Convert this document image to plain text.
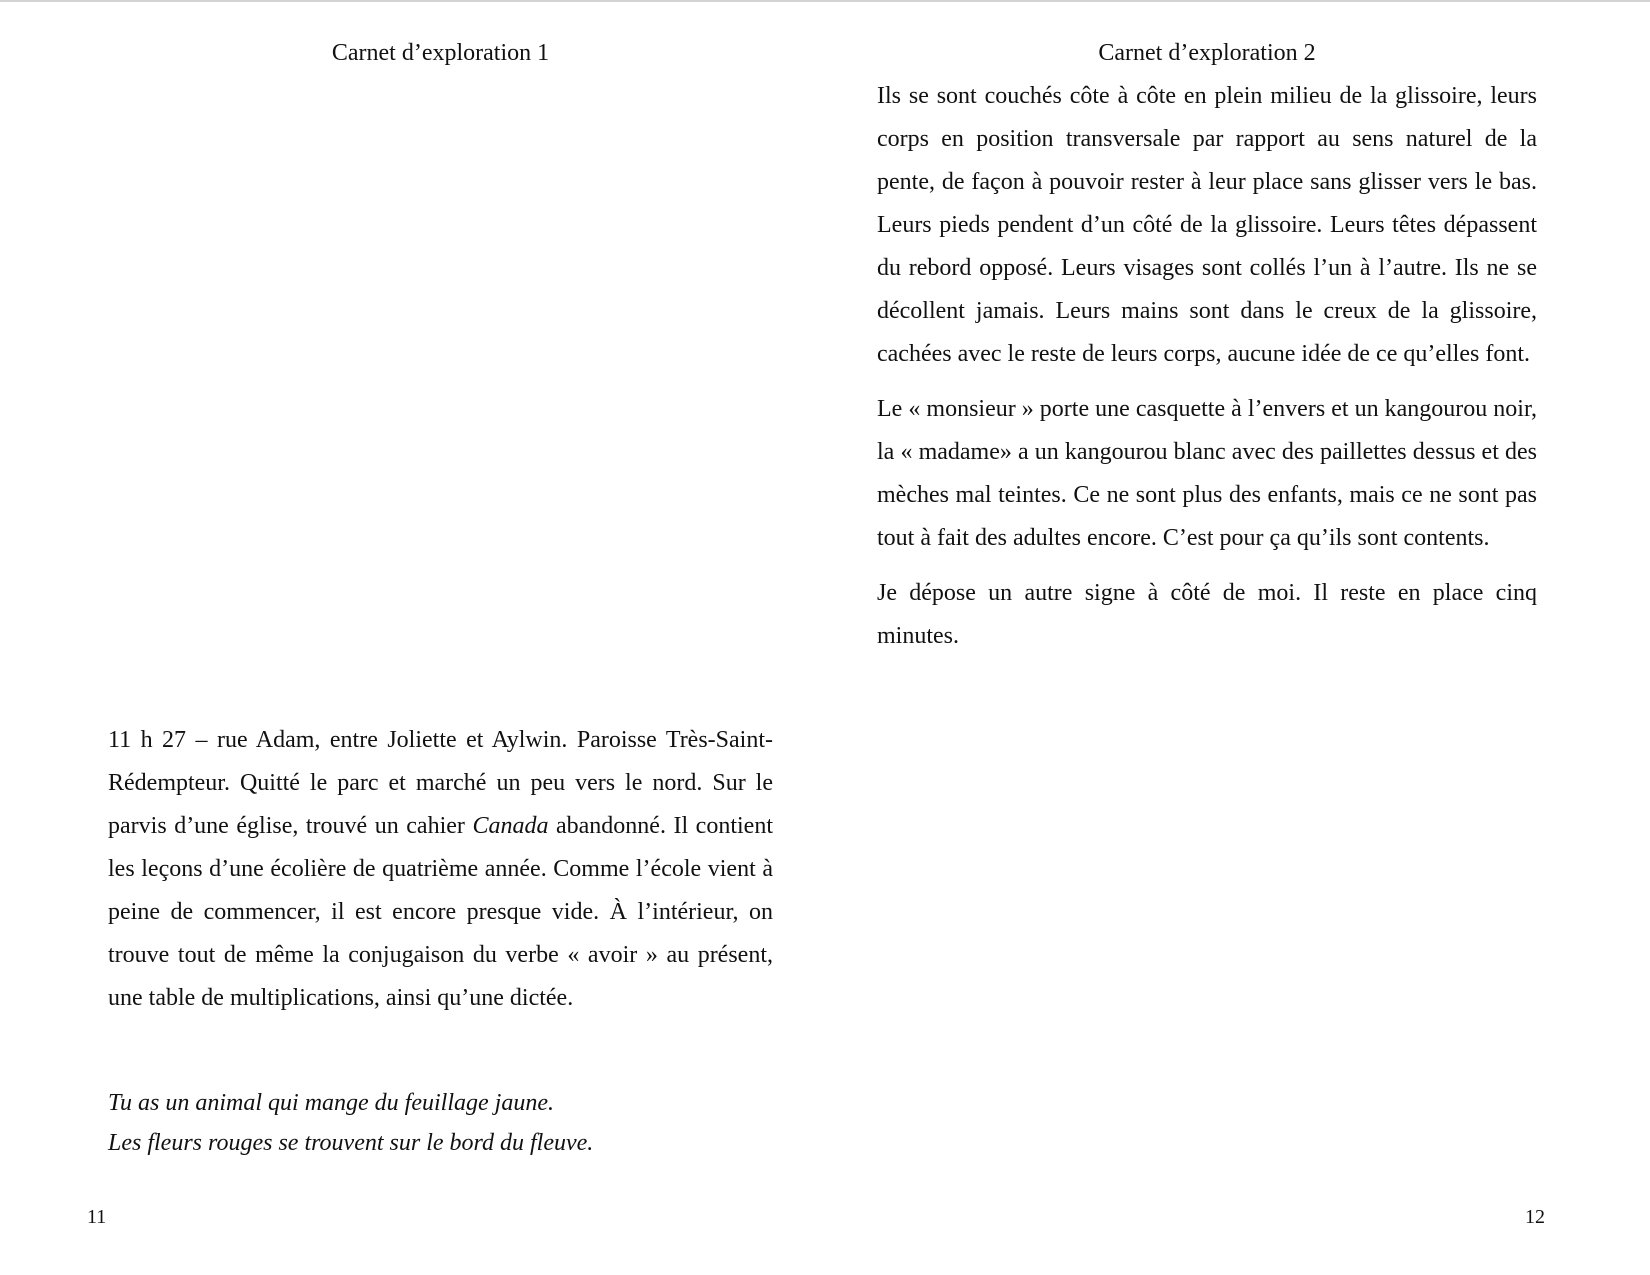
Carnet d’exploration 1

11 h 27 – rue Adam, entre Joliette et Aylwin. Paroisse Très-Saint-Rédempteur. Quitté le parc et marché un peu vers le nord. Sur le parvis d’une église, trouvé un cahier Canada abandonné. Il contient les leçons d’une écolière de quatrième année. Comme l’école vient à peine de commencer, il est encore presque vide. À l’intérieur, on trouve tout de même la conjugaison du verbe « avoir » au présent, une table de multiplications, ainsi qu’une dictée.

Tu as un animal qui mange du feuillage jaune.
Les fleurs rouges se trouvent sur le bord du fleuve.
11
Carnet d’exploration 2

Ils se sont couchés côte à côte en plein milieu de la glissoire, leurs corps en position transversale par rapport au sens naturel de la pente, de façon à pouvoir rester à leur place sans glisser vers le bas. Leurs pieds pendent d’un côté de la glissoire. Leurs têtes dépassent du rebord opposé. Leurs visages sont collés l’un à l’autre. Ils ne se décollent jamais. Leurs mains sont dans le creux de la glissoire, cachées avec le reste de leurs corps, aucune idée de ce qu’elles font.

Le « monsieur » porte une casquette à l’envers et un kangourou noir, la « madame» a un kangourou blanc avec des paillettes dessus et des mèches mal teintes. Ce ne sont plus des enfants, mais ce ne sont pas tout à fait des adultes encore. C’est pour ça qu’ils sont contents.

Je dépose un autre signe à côté de moi. Il reste en place cinq minutes.

12
